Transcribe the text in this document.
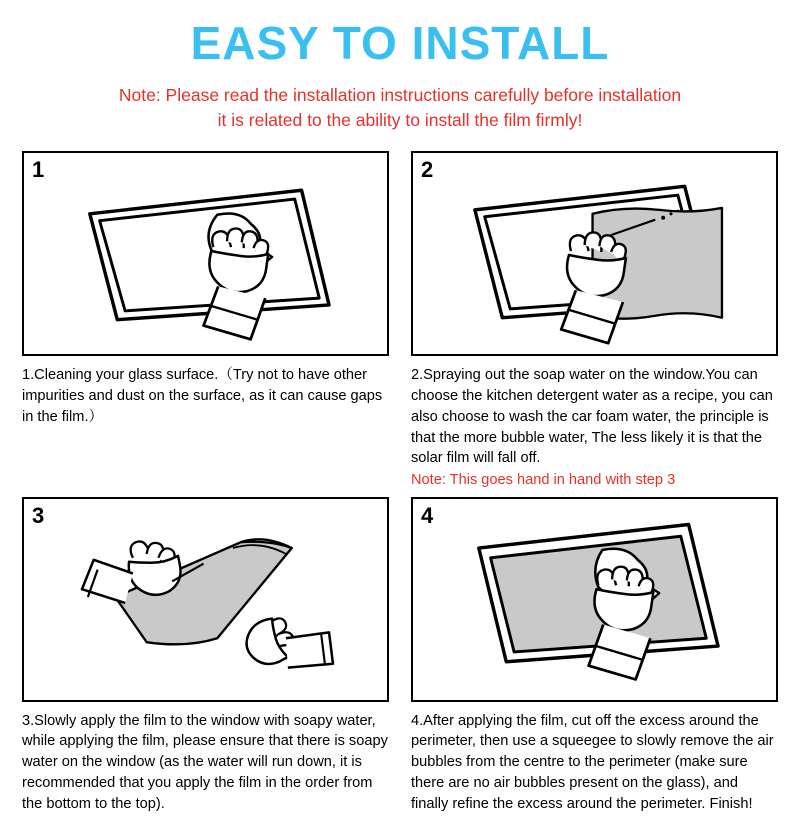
EASY TO INSTALL
Note: Please read the installation instructions carefully before installation
it is related to the ability to install the film firmly!
1
1.Cleaning your glass surface.（Try not to have other impurities and dust on the surface, as it can cause gaps in the film.）
2
2.Spraying out the soap water on the window.You can choose the kitchen detergent water as a recipe, you can also choose to wash the car foam water, the principle is that the more bubble water, The less likely it is that the solar film will fall off.
Note: This goes hand in hand with step 3
3
3.Slowly apply the film to the window with soapy water, while applying the film, please ensure that there is soapy water on the window (as the water will run down, it is recommended that you apply the film in the order from the bottom to the top).
4
4.After applying the film, cut off the excess around the perimeter, then use a squeegee to slowly remove the air bubbles from the centre to the perimeter (make sure there are no air bubbles present on the glass), and finally refine the excess around the perimeter. Finish!
